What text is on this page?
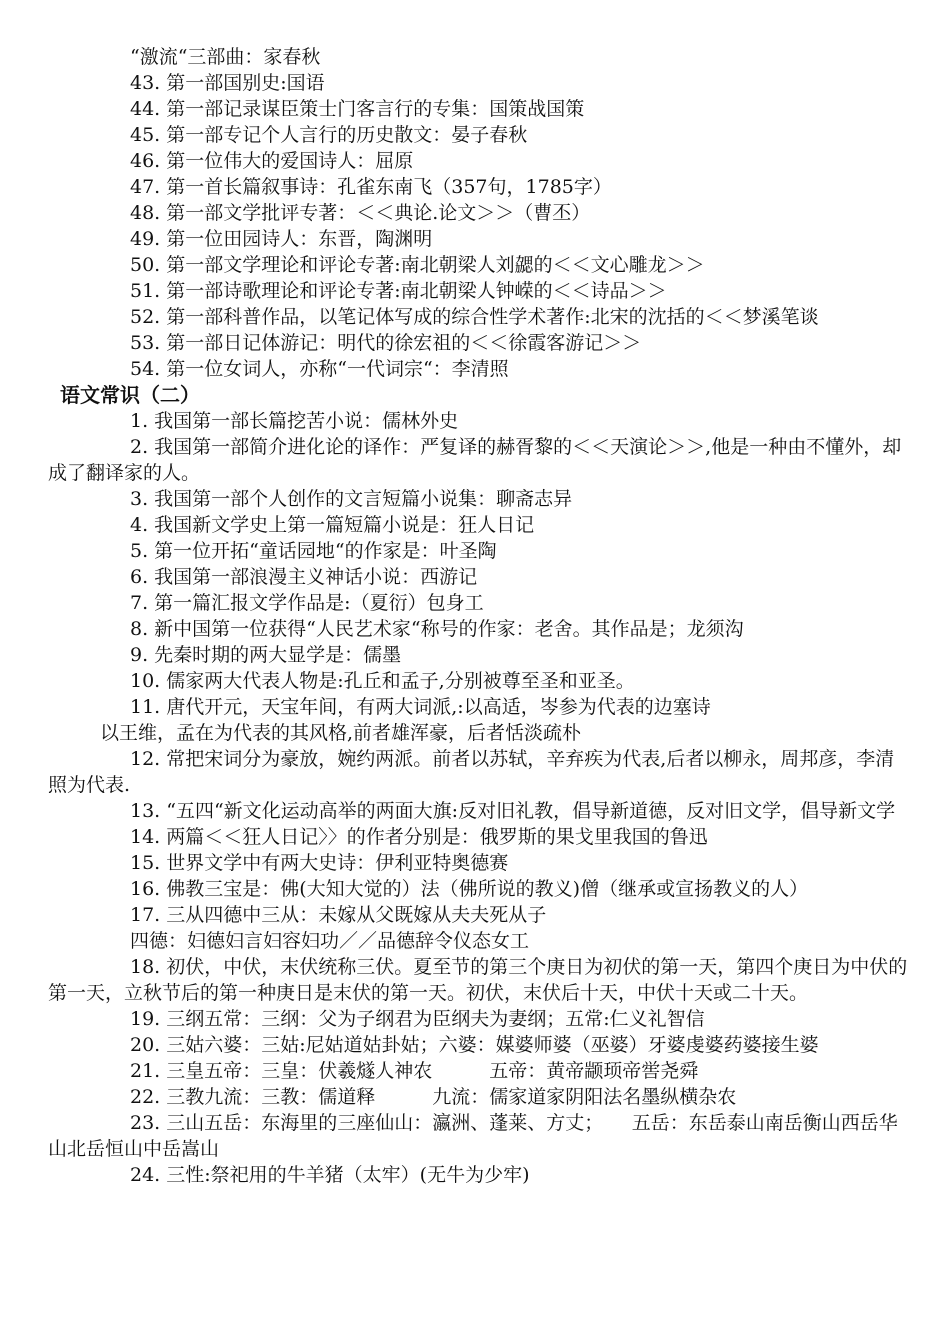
“激流“三部曲：家春秋

43. 第一部国别史:国语

44. 第一部记录谋臣策士门客言行的专集：国策战国策

45. 第一部专记个人言行的历史散文：晏子春秋

46. 第一位伟大的爱国诗人：屈原

47. 第一首长篇叙事诗：孔雀东南飞（357句，1785字）

48. 第一部文学批评专著：＜＜典论.论文＞＞（曹丕）

49. 第一位田园诗人：东晋，陶渊明

50. 第一部文学理论和评论专著:南北朝梁人刘勰的＜＜文心雕龙＞＞

51. 第一部诗歌理论和评论专著:南北朝梁人钟嵘的＜＜诗品＞＞

52. 第一部科普作品，以笔记体写成的综合性学术著作:北宋的沈括的＜＜梦溪笔谈

53. 第一部日记体游记：明代的徐宏祖的＜＜徐霞客游记＞＞

54. 第一位女词人，亦称“一代词宗“：李清照

语文常识（二）

1. 我国第一部长篇挖苦小说：儒林外史

2. 我国第一部简介进化论的译作：严复译的赫胥黎的＜＜天演论＞＞,他是一种由不懂外，却成了翻译家的人。

3. 我国第一部个人创作的文言短篇小说集：聊斋志异

4. 我国新文学史上第一篇短篇小说是：狂人日记

5. 第一位开拓“童话园地“的作家是：叶圣陶

6. 我国第一部浪漫主义神话小说：西游记

7. 第一篇汇报文学作品是:（夏衍）包身工

8. 新中国第一位获得“人民艺术家“称号的作家：老舍。其作品是；龙须沟

9. 先秦时期的两大显学是：儒墨

10. 儒家两大代表人物是:孔丘和孟子,分别被尊至圣和亚圣。

11. 唐代开元，天宝年间，有两大词派,:以高适，岑参为代表的边塞诗

以王维，孟在为代表的其风格,前者雄浑豪，后者恬淡疏朴

12. 常把宋词分为豪放，婉约两派。前者以苏轼，辛弃疾为代表,后者以柳永，周邦彦，李清照为代表.

13. “五四“新文化运动高举的两面大旗:反对旧礼教，倡导新道德，反对旧文学，倡导新文学

14. 两篇＜＜狂人日记〉〉的作者分别是：俄罗斯的果戈里我国的鲁迅

15. 世界文学中有两大史诗：伊利亚特奥德赛

16. 佛教三宝是：佛(大知大觉的）法（佛所说的教义)僧（继承或宣扬教义的人）

17. 三从四德中三从：未嫁从父既嫁从夫夫死从子

四德：妇德妇言妇容妇功／／品德辞令仪态女工

18. 初伏，中伏，末伏统称三伏。夏至节的第三个庚日为初伏的第一天，第四个庚日为中伏的第一天，立秋节后的第一种庚日是末伏的第一天。初伏，末伏后十天，中伏十天或二十天。

19. 三纲五常：三纲：父为子纲君为臣纲夫为妻纲；五常:仁义礼智信

20. 三姑六婆：三姑:尼姑道姑卦姑；六婆：媒婆师婆（巫婆）牙婆虔婆药婆接生婆

21. 三皇五帝：三皇：伏羲燧人神农　　　五帝：黄帝颛顼帝喾尧舜

22. 三教九流：三教：儒道释　　　九流：儒家道家阴阳法名墨纵横杂农

23. 三山五岳：东海里的三座仙山：瀛洲、蓬莱、方丈；　　五岳：东岳泰山南岳衡山西岳华山北岳恒山中岳嵩山

24. 三性:祭祀用的牛羊猪（太牢）(无牛为少牢)
